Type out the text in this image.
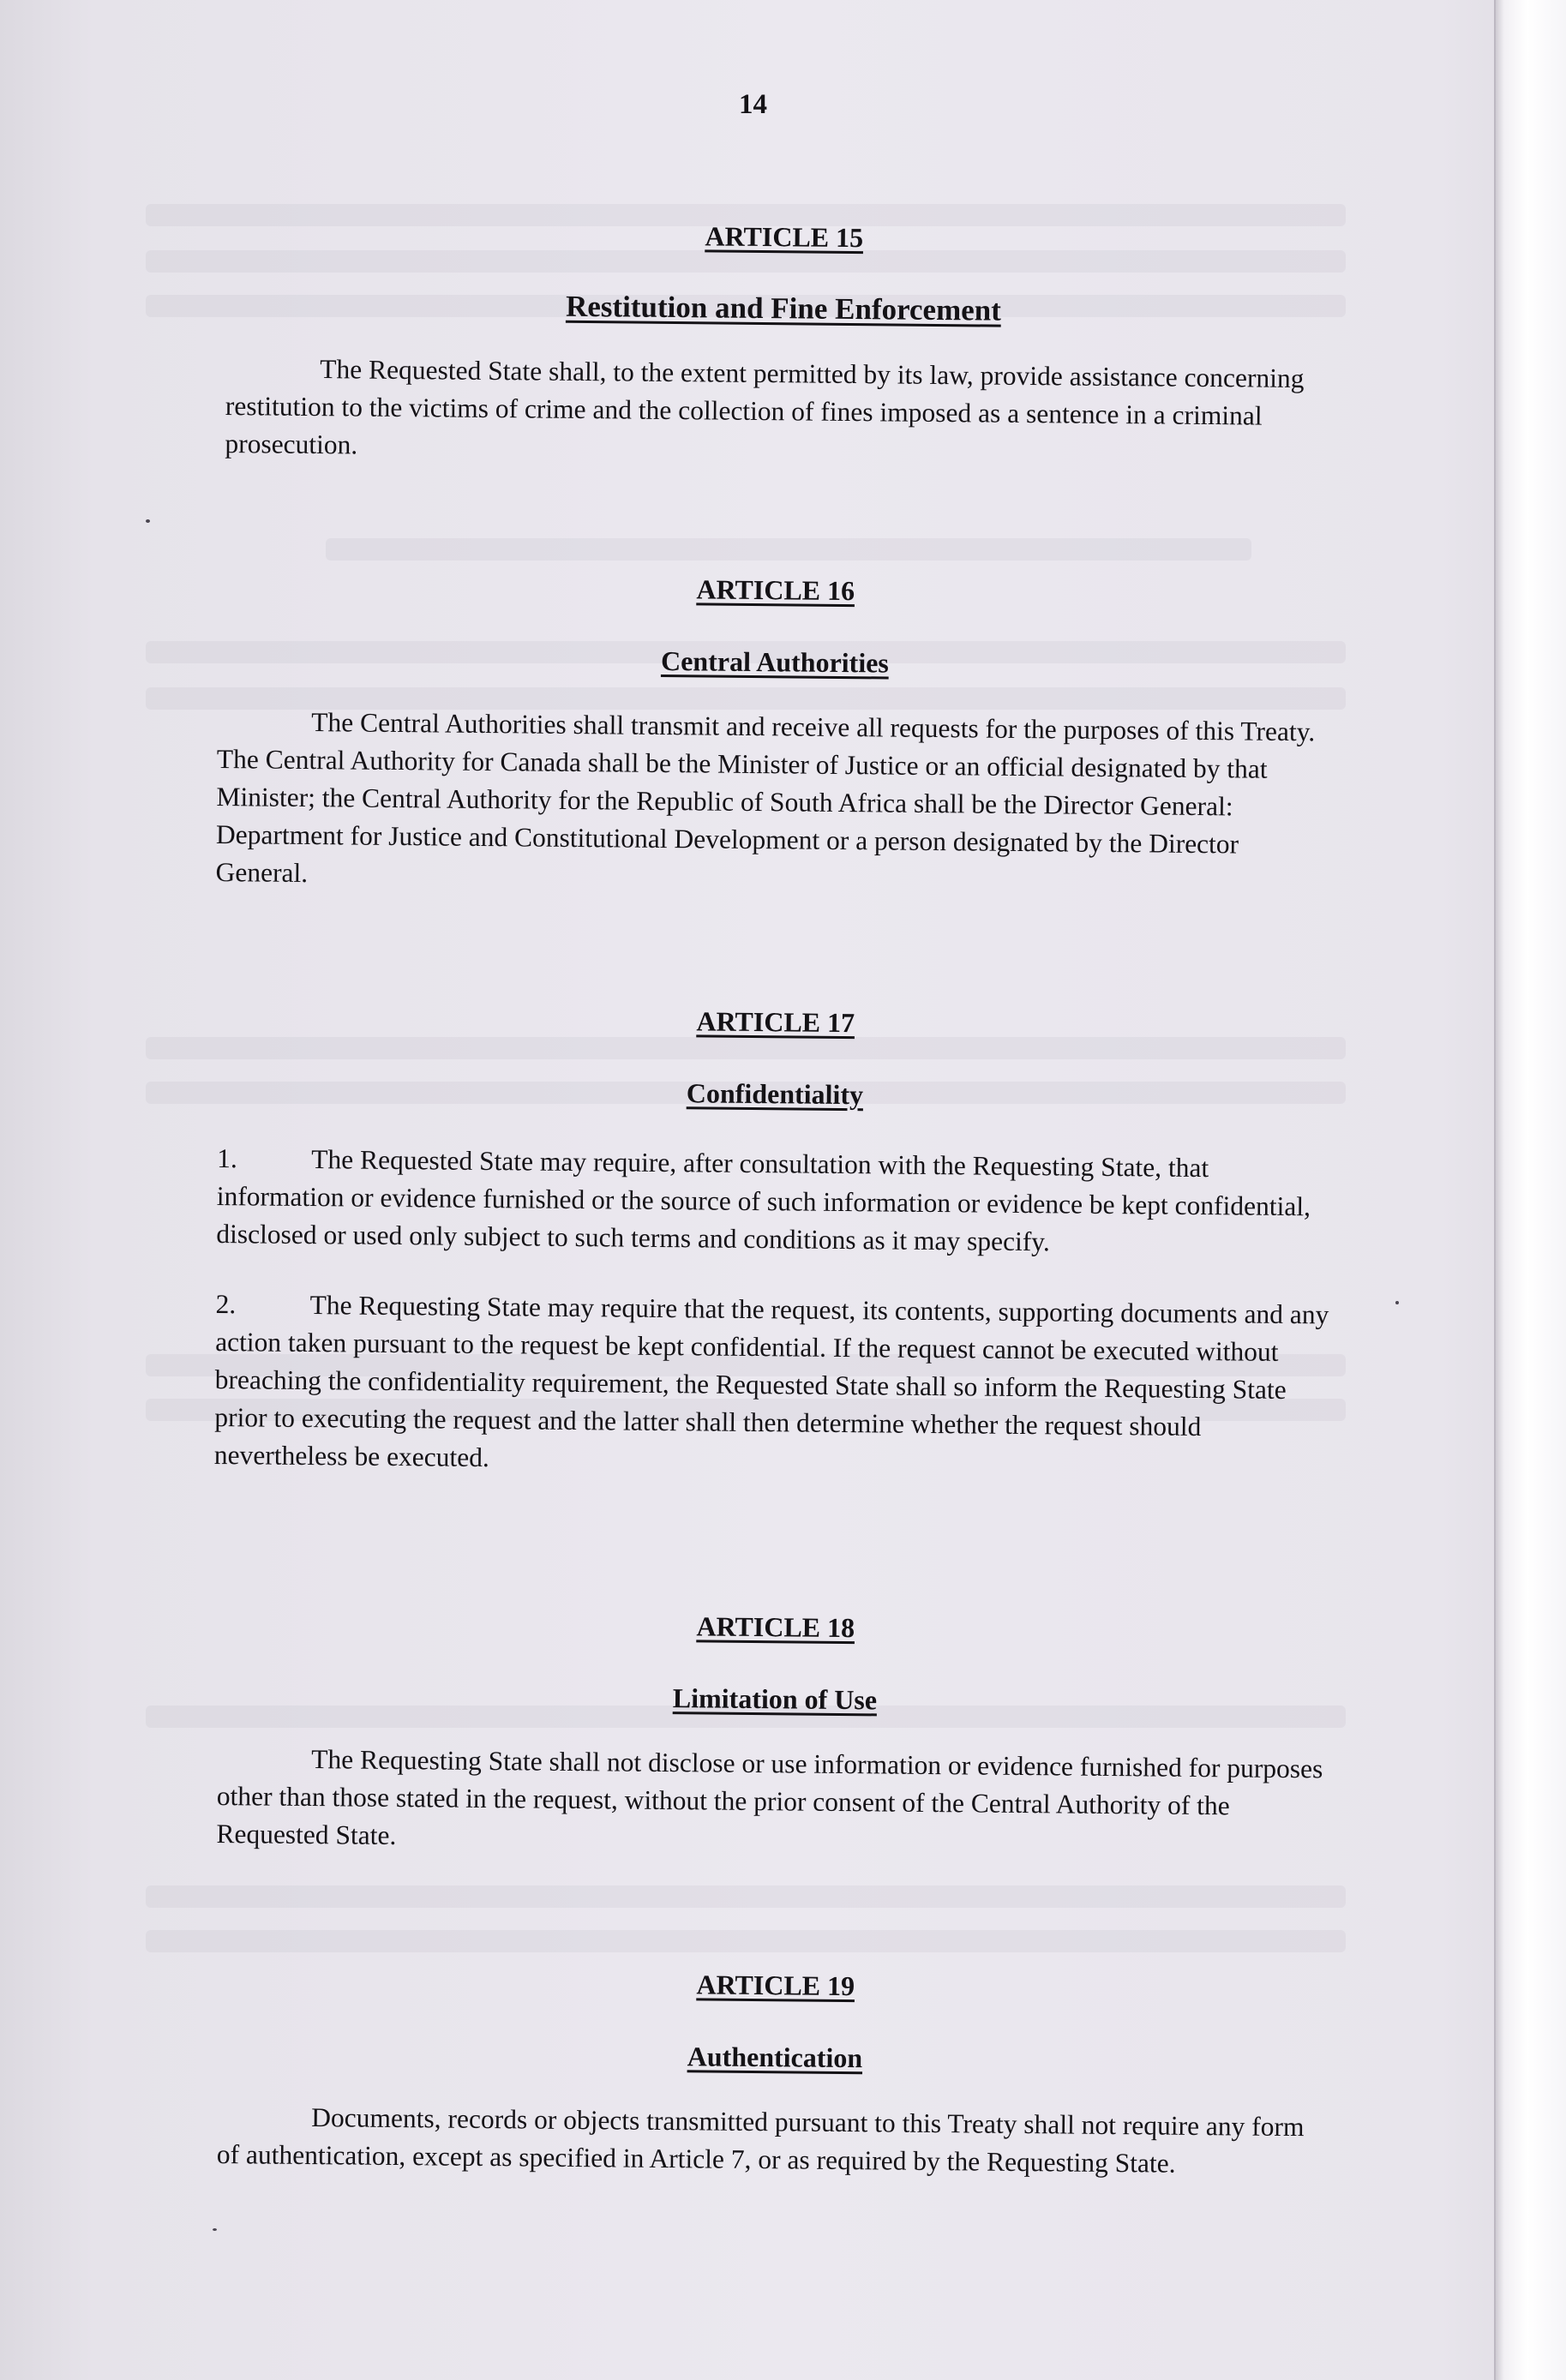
14
ARTICLE 15
Restitution and Fine Enforcement

The Requested State shall, to the extent permitted by its law, provide assistance concerning restitution to the victims of crime and the collection of fines imposed as a sentence in a criminal prosecution.

ARTICLE 16
Central Authorities

The Central Authorities shall transmit and receive all requests for the purposes of this Treaty. The Central Authority for Canada shall be the Minister of Justice or an official designated by that Minister; the Central Authority for the Republic of South Africa shall be the Director General: Department for Justice and Constitutional Development or a person designated by the Director General.

ARTICLE 17
Confidentiality

1.	The Requested State may require, after consultation with the Requesting State, that information or evidence furnished or the source of such information or evidence be kept confidential, disclosed or used only subject to such terms and conditions as it may specify.

2.	The Requesting State may require that the request, its contents, supporting documents and any action taken pursuant to the request be kept confidential. If the request cannot be executed without breaching the confidentiality requirement, the Requested State shall so inform the Requesting State prior to executing the request and the latter shall then determine whether the request should nevertheless be executed.

ARTICLE 18
Limitation of Use

The Requesting State shall not disclose or use information or evidence furnished for purposes other than those stated in the request, without the prior consent of the Central Authority of the Requested State.

ARTICLE 19
Authentication

Documents, records or objects transmitted pursuant to this Treaty shall not require any form of authentication, except as specified in Article 7, or as required by the Requesting State.
